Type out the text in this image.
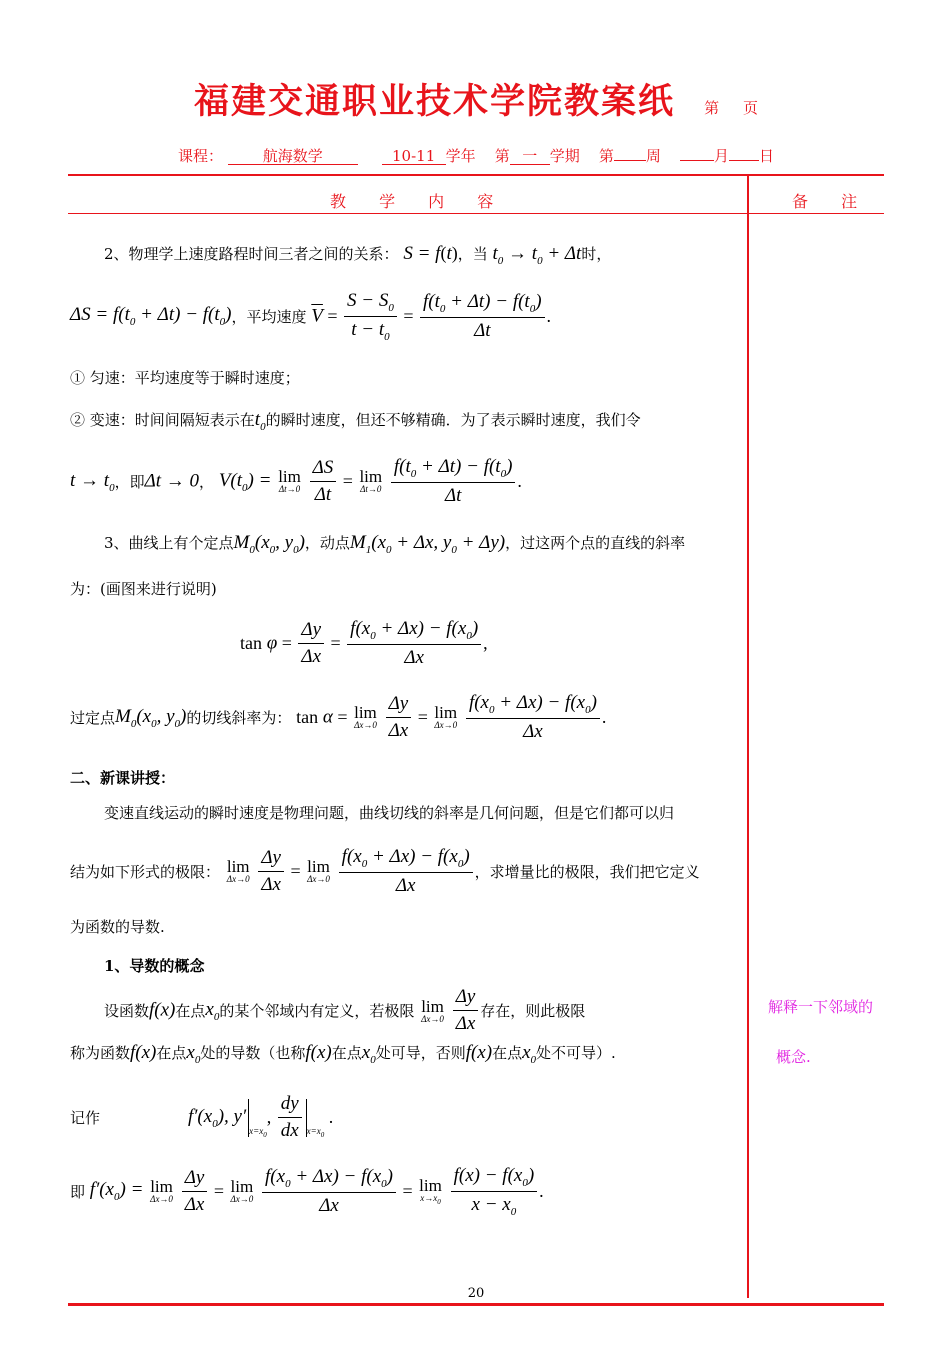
福建交通职业技术学院教案纸 第 页
课程：	航海数学	10-11 学年 第 一 学期 第 周	月 日
教 学 内 容	备 注
2、物理学上速度路程时间三者之间的关系： S = f(t)，当 $t_0 \to t_0 + \Delta t$时，
$\Delta S = f(t_0 + \Delta t) - f(t_0)$，平均速度 $\overline{V} = \frac{S - S_0}{t - t_0} = \frac{f(t_0 + \Delta t) - f(t_0)}{\Delta t}$ .
① 匀速：平均速度等于瞬时速度；
② 变速：时间间隔短表示在$t_0$的瞬时速度，但还不够精确．为了表示瞬时速度，我们令
$t \to t_0$，即Δt → 0， $V(t_0) = \lim$
Δt→0
$\frac{\Delta S}{\Delta t} = \lim$
Δt→0
$\frac{f(t_0 + \Delta t) - f(t_0)}{\Delta t}$ .
3、曲线上有个定点$M_0(x_0$, $y_0$)，动点$M_1(x_0 + \Delta x$, $y_0 + \Delta y$)，过这两个点的直线的斜率
为：(画图来进行说明)
$\tan \varphi = \frac{\Delta y}{\Delta x} = \frac{f(x_0 + \Delta x) - f(x_0)}{\Delta x}$ ,
过定点$M_0(x_0$, $y_0$)的切线斜率为： tan α = lim
Δx→0
$\frac{\Delta y}{\Delta x} = \lim$
Δx→0
$\frac{f(x_0 + \Delta x) - f(x_0)}{\Delta x}$ .
二、新课讲授：
变速直线运动的瞬时速度是物理问题，曲线切线的斜率是几何问题，但是它们都可以归
结为如下形式的极限： lim
Δx→0
$\frac{\Delta y}{\Delta x} = \lim$
Δx→0
$\frac{f(x_0 + \Delta x) - f(x_0)}{\Delta x}$ ，求增量比的极限，我们把它定义
为函数的导数.
1、导数的概念
设函数f(x)在点$x_0$的某个邻域内有定义，若极限 lim
Δx→0
$\frac{\Delta y}{\Delta x}$ 存在，则此极限	解释一下邻域的
称为函数f(x)在点$x_0$处的导数（也称f(x)在点$x_0$处可导，否则f(x)在点$x_0$处不可导）.	概念.
记作	$f'(x_0)$, $y'_{x=x_0}$, $\frac{dy}{dx} _{x=x_0}$ .
即 $f'(x_0) = \lim$
Δx→0
$\frac{\Delta y}{\Delta x} = \lim$
Δx→0
$\frac{f(x_0 + \Delta x) - f(x_0)}{\Delta x} = \lim$
$x\to x_0$
$\frac{f(x) - f(x_0)}{x - x_0}$ .
20
